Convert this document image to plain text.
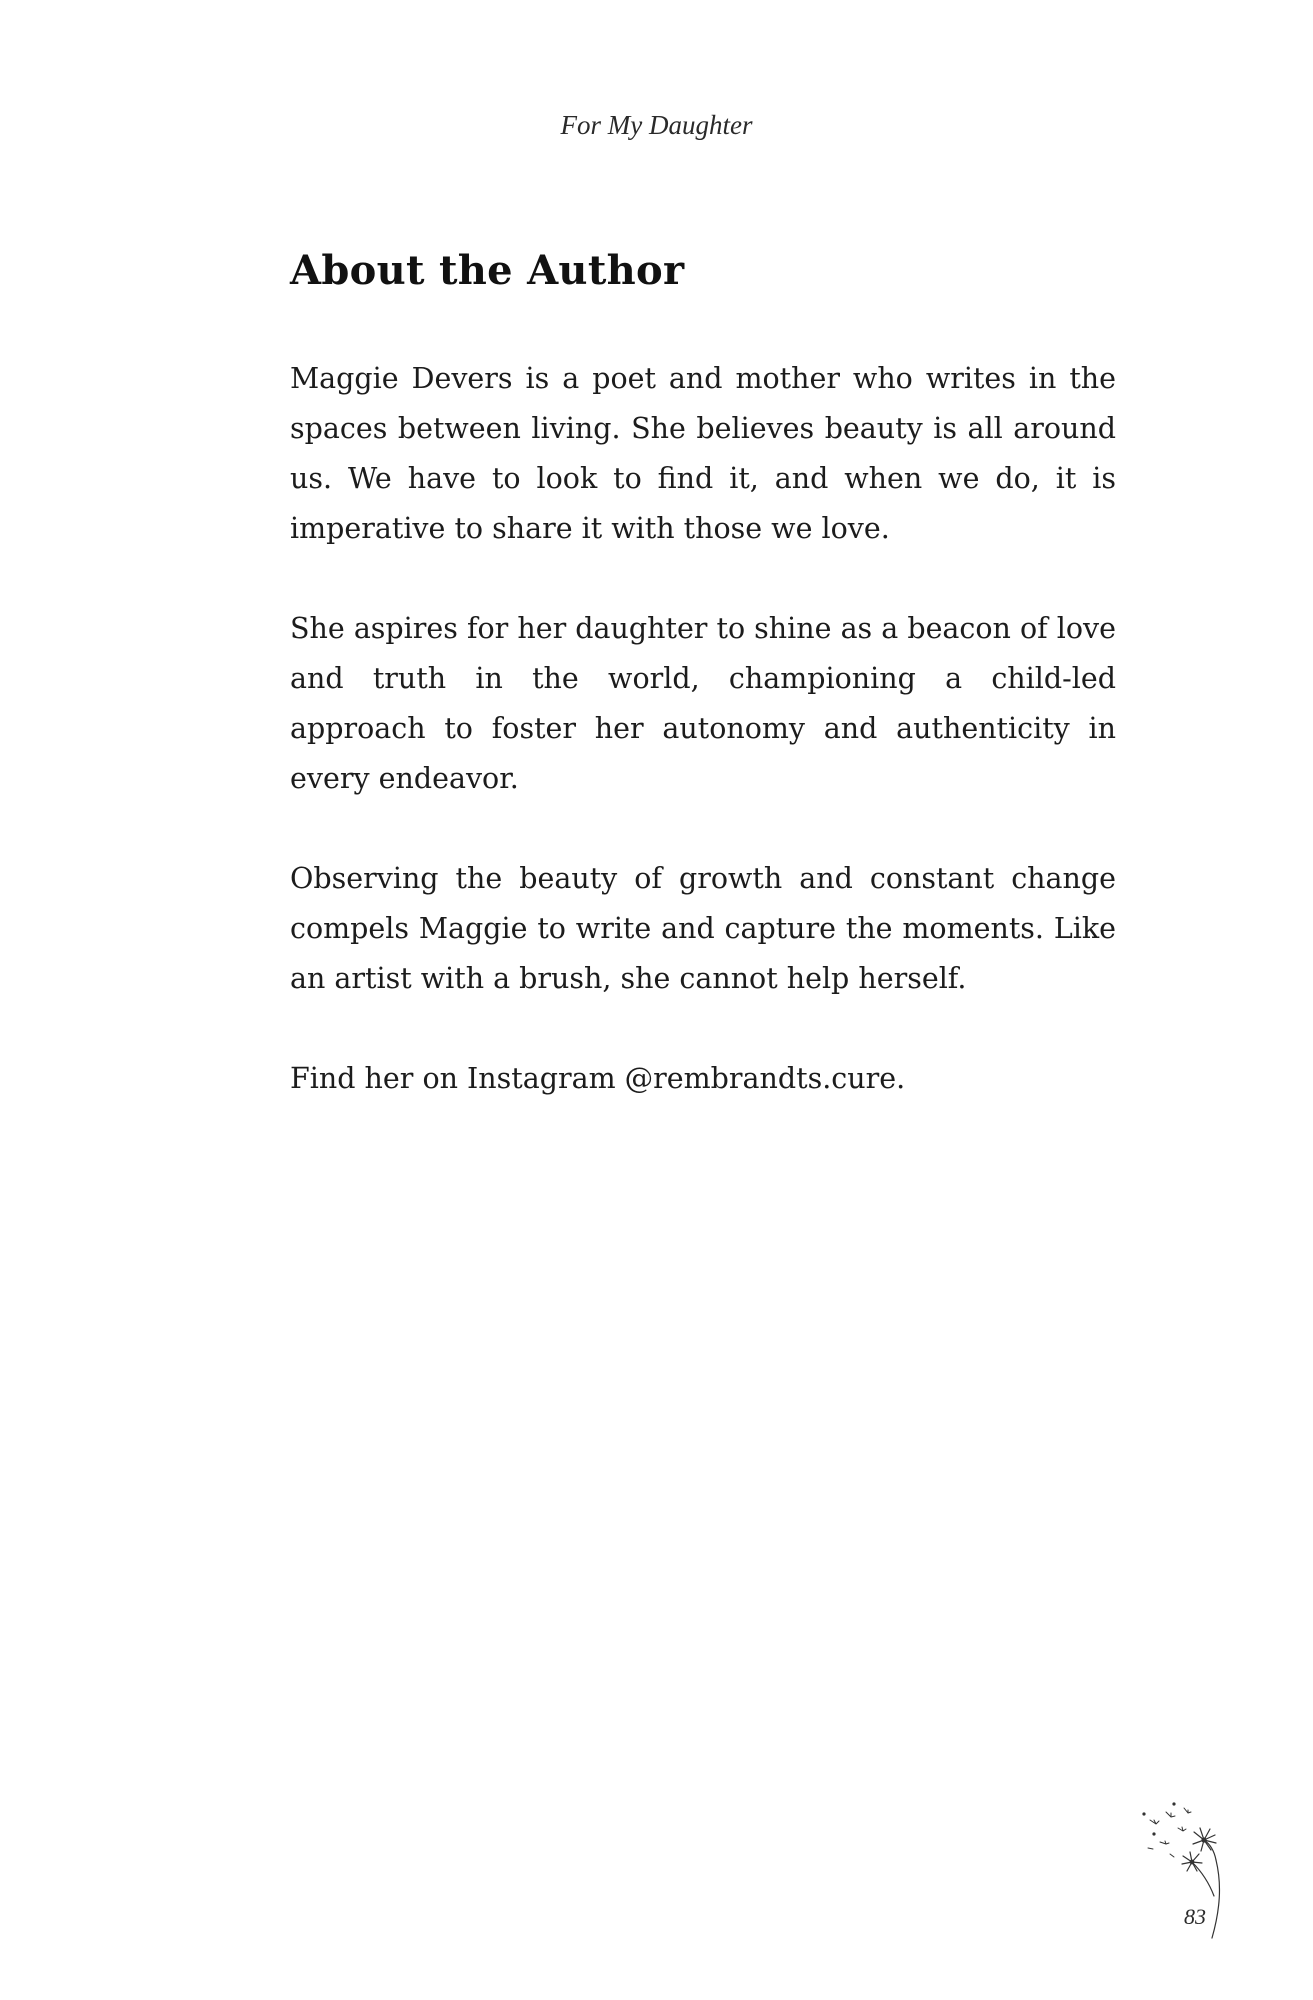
For My Daughter
About the Author

Maggie Devers is a poet and mother who writes in the spaces between living. She believes beauty is all around us. We have to look to find it, and when we do, it is imperative to share it with those we love.

She aspires for her daughter to shine as a beacon of love and truth in the world, championing a child-led approach to foster her autonomy and authenticity in every endeavor.

Observing the beauty of growth and constant change compels Maggie to write and capture the moments. Like an artist with a brush, she cannot help herself.

Find her on Instagram @rembrandts.cure.

83
